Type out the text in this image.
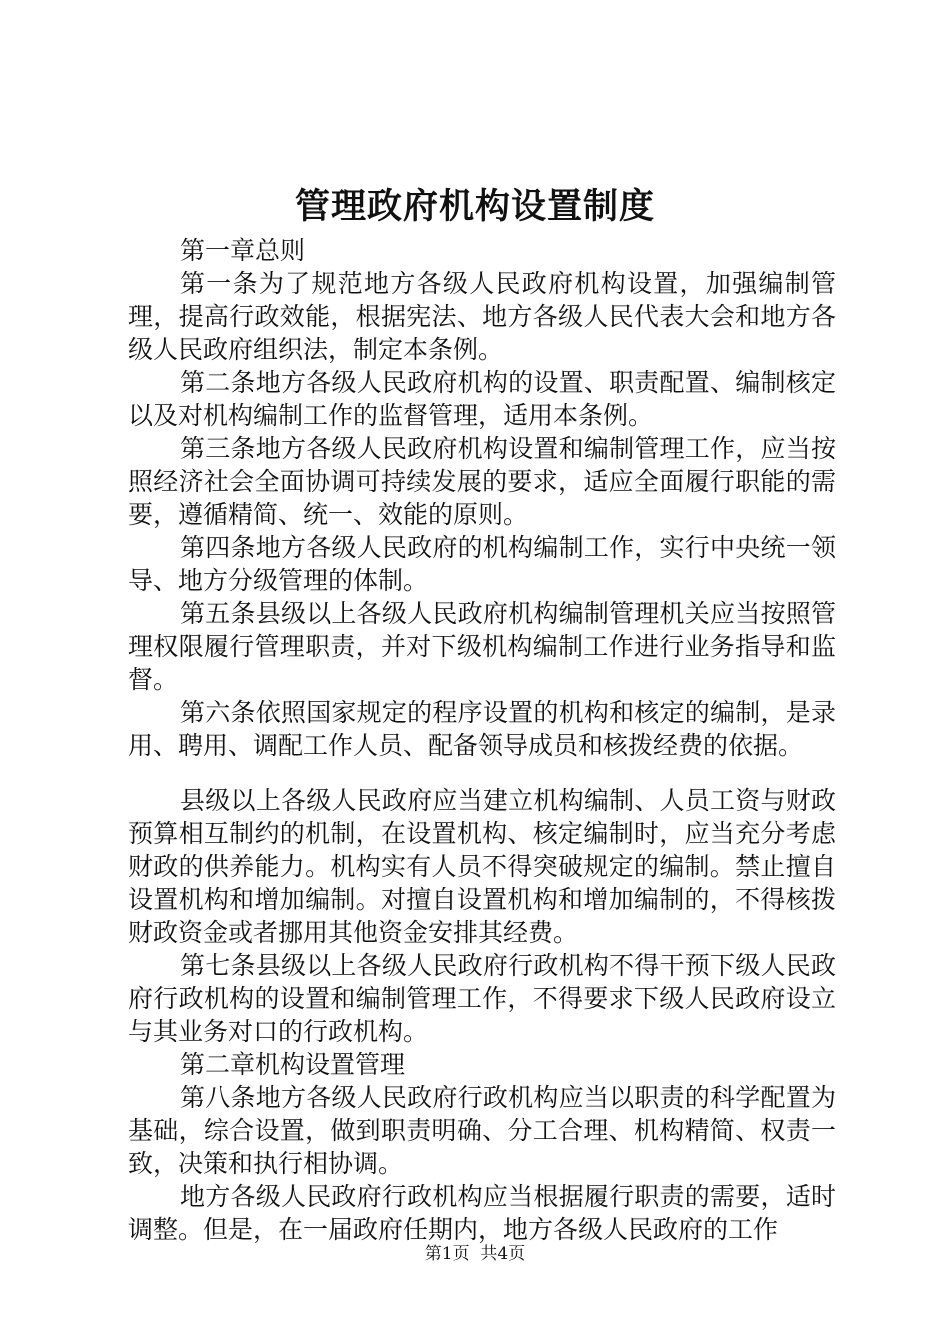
管理政府机构设置制度

第一章总则

第一条为了规范地方各级人民政府机构设置，加强编制管理，提高行政效能，根据宪法、地方各级人民代表大会和地方各级人民政府组织法，制定本条例。

第二条地方各级人民政府机构的设置、职责配置、编制核定以及对机构编制工作的监督管理，适用本条例。

第三条地方各级人民政府机构设置和编制管理工作，应当按照经济社会全面协调可持续发展的要求，适应全面履行职能的需要，遵循精简、统一、效能的原则。

第四条地方各级人民政府的机构编制工作，实行中央统一领导、地方分级管理的体制。

第五条县级以上各级人民政府机构编制管理机关应当按照管理权限履行管理职责，并对下级机构编制工作进行业务指导和监督。

第六条依照国家规定的程序设置的机构和核定的编制，是录用、聘用、调配工作人员、配备领导成员和核拨经费的依据。

县级以上各级人民政府应当建立机构编制、人员工资与财政预算相互制约的机制，在设置机构、核定编制时，应当充分考虑财政的供养能力。机构实有人员不得突破规定的编制。禁止擅自设置机构和增加编制。对擅自设置机构和增加编制的，不得核拨财政资金或者挪用其他资金安排其经费。

第七条县级以上各级人民政府行政机构不得干预下级人民政府行政机构的设置和编制管理工作，不得要求下级人民政府设立与其业务对口的行政机构。

第二章机构设置管理

第八条地方各级人民政府行政机构应当以职责的科学配置为基础，综合设置，做到职责明确、分工合理、机构精简、权责一致，决策和执行相协调。

地方各级人民政府行政机构应当根据履行职责的需要，适时调整。但是，在一届政府任期内，地方各级人民政府的工作

第1页 共4页
